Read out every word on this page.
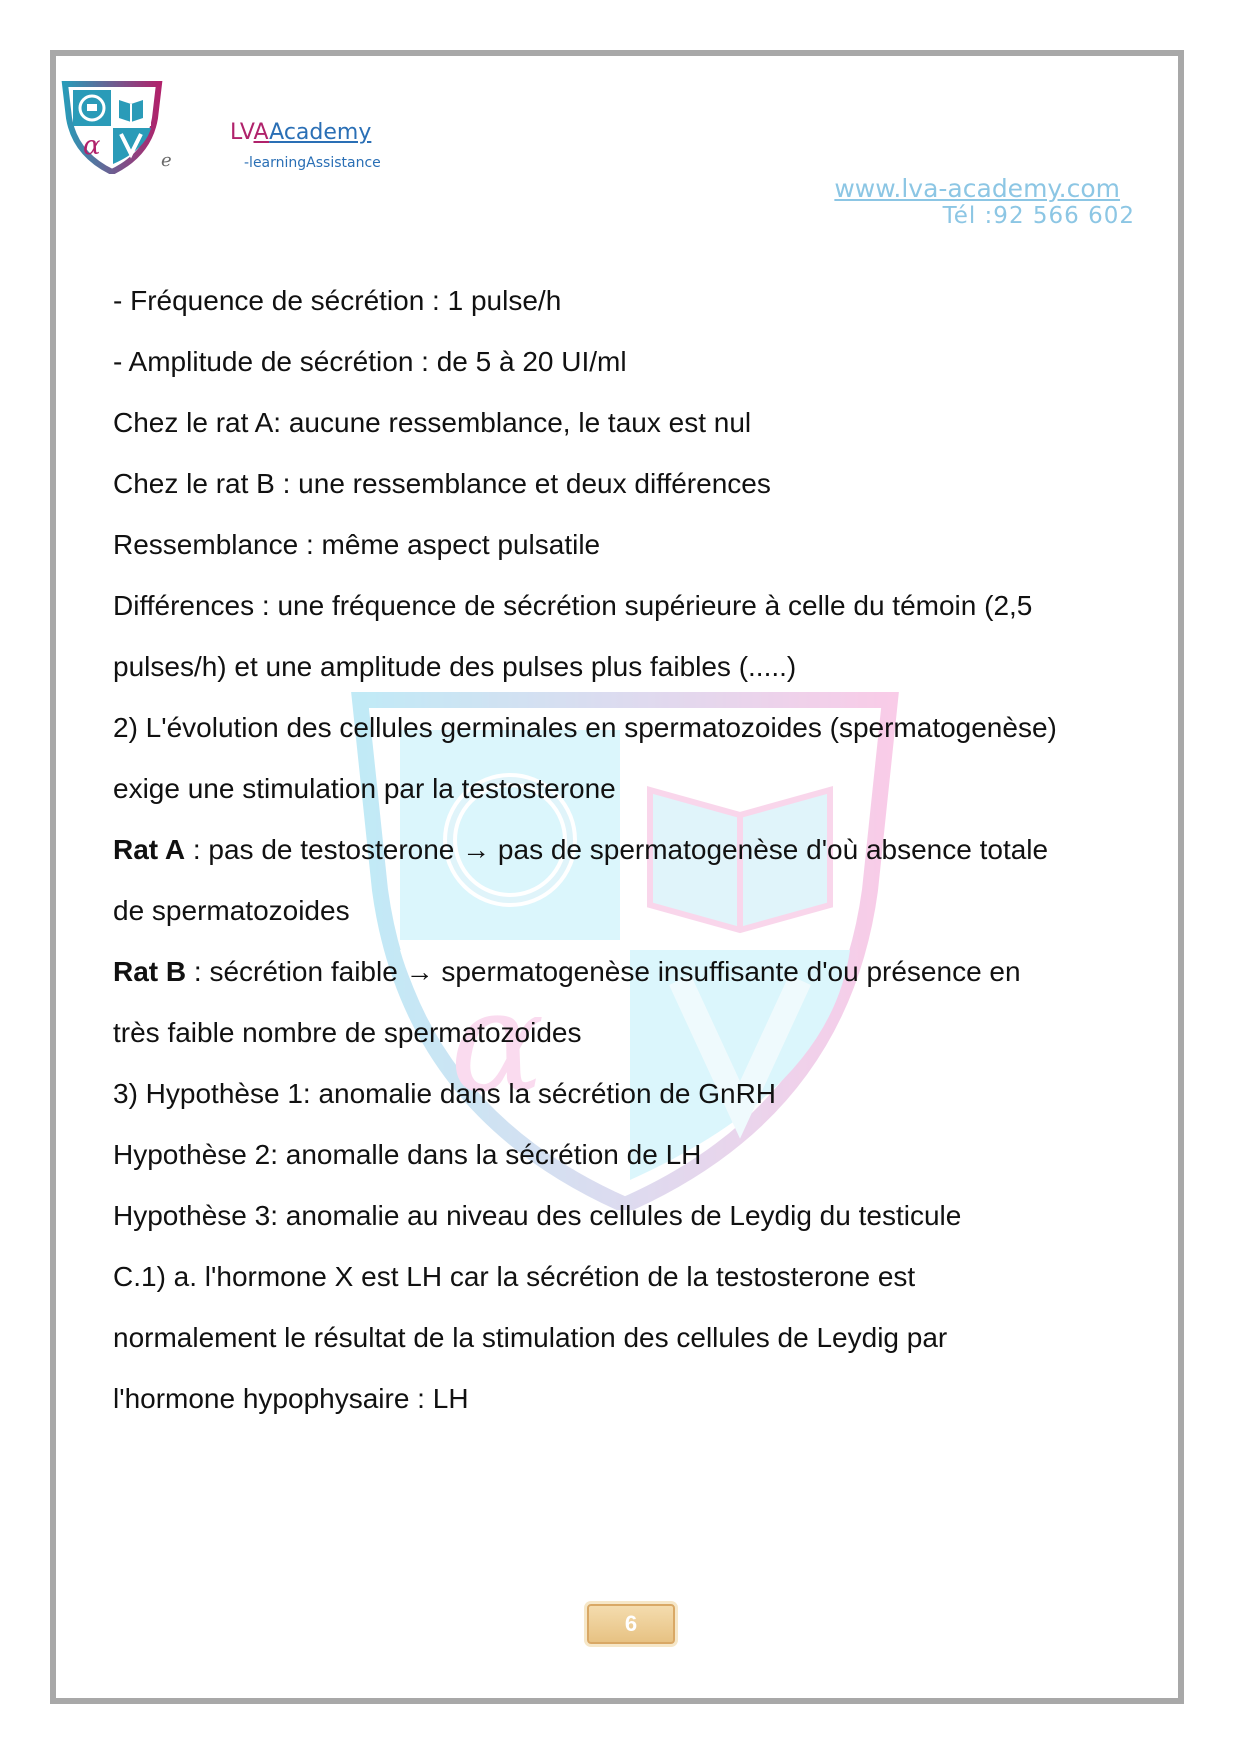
α	e
LVAAcademy
-learningAssistance
www.lva-academy.com
Tél :92 566 602
α
- Fréquence de sécrétion : 1 pulse/h
- Amplitude de sécrétion : de 5 à 20 UI/ml
Chez le rat A: aucune ressemblance, le taux est nul
Chez le rat B : une ressemblance et deux différences
Ressemblance : même aspect pulsatile
Différences : une fréquence de sécrétion supérieure à celle du témoin (2,5
pulses/h) et une amplitude des pulses plus faibles (.....)
2) L'évolution des cellules germinales en spermatozoides (spermatogenèse)
exige une stimulation par la testosterone
Rat A : pas de testosterone → pas de spermatogenèse d'où absence totale
de spermatozoides
Rat B : sécrétion faible → spermatogenèse insuffisante d'ou présence en
très faible nombre de spermatozoides
3) Hypothèse 1: anomalie dans la sécrétion de GnRH
Hypothèse 2: anomalle dans la sécrétion de LH
Hypothèse 3: anomalie au niveau des cellules de Leydig du testicule
C.1) a. l'hormone X est LH car la sécrétion de la testosterone est
normalement le résultat de la stimulation des cellules de Leydig par
l'hormone hypophysaire : LH
6
